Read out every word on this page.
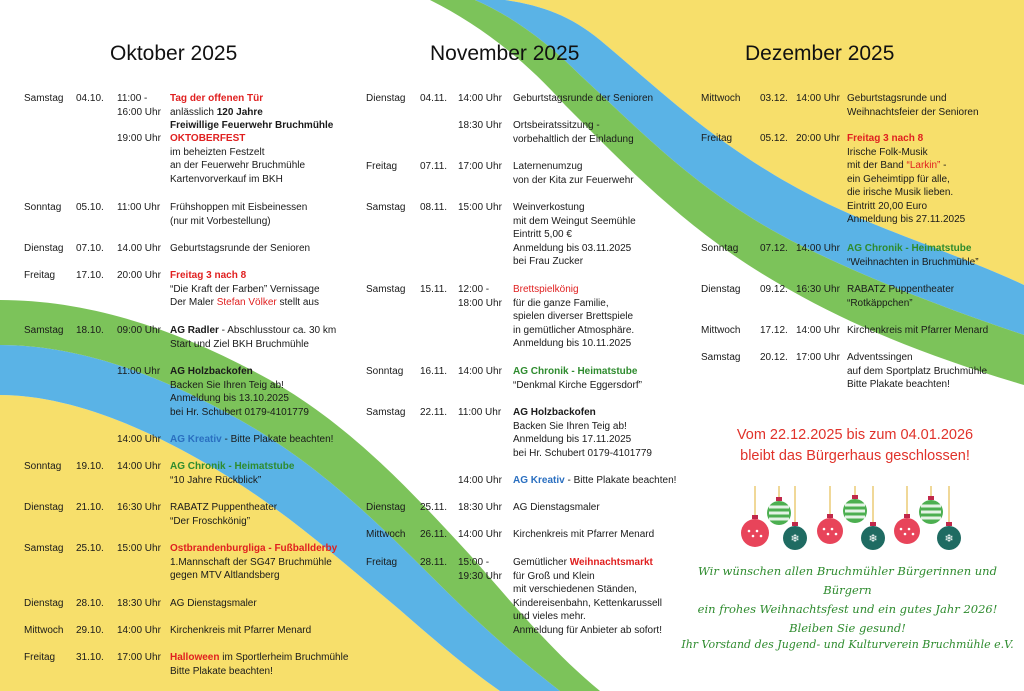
Oktober 2025	November 2025	Dezember 2025
Samstag 04.10. 11:00 -
16:00 Uhr
Tag der offenen Tür
anlässlich 120 Jahre
Freiwillige Feuerwehr Bruchmühle
19:00 Uhr OKTOBERFEST
im beheizten Festzelt
an der Feuerwehr Bruchmühle
Kartenvorverkauf im BKH
Sonntag 05.10. 11:00 Uhr Frühshoppen mit Eisbeinessen
(nur mit Vorbestellung)
Dienstag 07.10. 14.00 Uhr Geburtstagsrunde der Senioren
Freitag 17.10. 20:00 Uhr Freitag 3 nach 8
“Die Kraft der Farben” Vernissage
Der Maler Stefan Völker stellt aus
Samstag 18.10. 09:00 Uhr AG Radler - Abschlusstour ca. 30 km
Start und Ziel BKH Bruchmühle
11:00 Uhr AG Holzbackofen
Backen Sie Ihren Teig ab!
Anmeldung bis 13.10.2025
bei Hr. Schubert 0179-4101779
14:00 Uhr AG Kreativ - Bitte Plakate beachten!
Sonntag 19.10. 14:00 Uhr AG Chronik - Heimatstube
“10 Jahre Rückblick”
Dienstag 21.10. 16:30 Uhr RABATZ Puppentheater
“Der Froschkönig”
Samstag 25.10. 15:00 Uhr Ostbrandenburgliga - Fußballderby
1.Mannschaft der SG47 Bruchmühle
gegen MTV Altlandsberg
Dienstag 28.10. 18:30 Uhr AG Dienstagsmaler
Mittwoch 29.10. 14:00 Uhr Kirchenkreis mit Pfarrer Menard
Freitag 31.10. 17:00 Uhr Halloween im Sportlerheim Bruchmühle
Bitte Plakate beachten!
Dienstag 04.11. 14:00 Uhr Geburtstagsrunde der Senioren
18:30 Uhr Ortsbeiratssitzung -
vorbehaltlich der Einladung
Freitag 07.11. 17:00 Uhr Laternenumzug
von der Kita zur Feuerwehr
Samstag 08.11. 15:00 Uhr Weinverkostung
mit dem Weingut Seemühle
Eintritt 5,00 €
Anmeldung bis 03.11.2025
bei Frau Zucker
Samstag 15.11. 12:00 -
18:00 Uhr
Brettspielkönig
für die ganze Familie,
spielen diverser Brettspiele
in gemütlicher Atmosphäre.
Anmeldung bis 10.11.2025
Sonntag 16.11. 14:00 Uhr AG Chronik - Heimatstube
“Denkmal Kirche Eggersdorf”
Samstag 22.11. 11:00 Uhr AG Holzbackofen
Backen Sie Ihren Teig ab!
Anmeldung bis 17.11.2025
bei Hr. Schubert 0179-4101779
14:00 Uhr AG Kreativ - Bitte Plakate beachten!
Dienstag 25.11. 18:30 Uhr AG Dienstagsmaler
Mittwoch 26.11. 14:00 Uhr Kirchenkreis mit Pfarrer Menard
Freitag 28.11. 15:00 -
19:30 Uhr
Gemütlicher Weihnachtsmarkt
für Groß und Klein
mit verschiedenen Ständen,
Kindereisenbahn, Kettenkarussell
und vieles mehr.
Anmeldung für Anbieter ab sofort!
Mittwoch 03.12. 14:00 Uhr Geburtstagsrunde und
Weihnachtsfeier der Senioren
Freitag	05.12. 20:00 Uhr Freitag 3 nach 8
Irische Folk-Musik
mit der Band “Larkin” -
ein Geheimtipp für alle,
die irische Musik lieben.
Eintritt 20,00 Euro
Anmeldung bis 27.11.2025
Sonntag 07.12. 14:00 Uhr AG Chronik - Heimatstube
“Weihnachten in Bruchmühle”
Dienstag 09.12. 16:30 Uhr RABATZ Puppentheater
“Rotkäppchen”
Mittwoch 17.12. 14:00 Uhr Kirchenkreis mit Pfarrer Menard
Samstag 20.12. 17:00 Uhr Adventssingen
auf dem Sportplatz Bruchmühle
Bitte Plakate beachten!
Vom 22.12.2025 bis zum 04.01.2026
bleibt das Bürgerhaus geschlossen!
❄	❄	❄
Wir wünschen allen Bruchmühler Bürgerinnen und Bürgern
ein frohes Weihnachtsfest und ein gutes Jahr 2026!
Bleiben Sie gesund!
Ihr Vorstand des Jugend- und Kulturverein Bruchmühle e.V.
